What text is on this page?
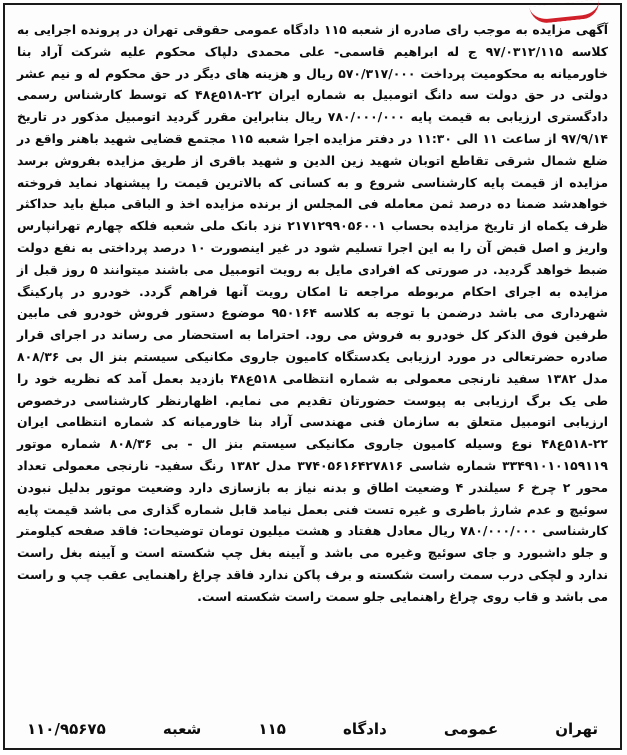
آگهی مزایده به موجب رای صادره از شعبه ۱۱۵ دادگاه عمومی حقوقی تهران در پرونده اجرایی به کلاسه ۹۷/۰۳۱۲/۱۱۵ ج له ابراهیم قاسمی- علی محمدی دلپاک محکوم علیه شرکت آراد بنا خاورمیانه به محکومیت پرداخت ۵۷۰/۳۱۷/۰۰۰ ریال و هزینه های دیگر در حق محکوم له و نیم عشر دولتی در حق دولت سه دانگ اتومبیل به شماره ایران ۲۲-۵۱۸ع۴۸ که توسط کارشناس رسمی دادگستری ارزیابی به قیمت پایه ۷۸۰/۰۰۰/۰۰۰ ریال بنابراین مقرر گردید اتومبیل مذکور در تاریخ ۹۷/۹/۱۴ از ساعت ۱۱ الی ۱۱:۳۰ در دفتر مزایده اجرا شعبه ۱۱۵ مجتمع قضایی شهید باهنر واقع در ضلع شمال شرقی تقاطع اتوبان شهید زین الدین و شهید باقری از طریق مزایده بفروش برسد مزایده از قیمت پایه کارشناسی شروع و به کسانی که بالاترین قیمت را پیشنهاد نماید فروخته خواهدشد ضمنا ده درصد ثمن معامله فی المجلس از برنده مزایده اخذ و الباقی مبلغ باید حداکثر ظرف یکماه از تاریخ مزایده بحساب ۲۱۷۱۲۹۹۰۵۶۰۰۱ نزد بانک ملی شعبه فلکه چهارم تهرانپارس واریز و اصل قبض آن را به این اجرا تسلیم شود در غیر اینصورت ۱۰ درصد پرداختی به نفع دولت ضبط خواهد گردید. در صورتی که افرادی مایل به رویت اتومبیل می باشند میتوانند ۵ روز قبل از مزایده به اجرای احکام مربوطه مراجعه تا امکان رویت آنها فراهم گردد. خودرو در پارکینگ شهرداری می باشد درضمن با توجه به کلاسه ۹۵۰۱۶۴ موضوع دستور فروش خودرو فی مابین طرفین فوق الذکر کل خودرو به فروش می رود. احتراما به استحضار می رساند در اجرای قرار صادره حضرتعالی در مورد ارزیابی یکدستگاه کامیون جاروی مکانیکی سیستم بنز ال بی ۸۰۸/۳۶ مدل ۱۳۸۲ سفید نارنجی معمولی به شماره انتظامی ۵۱۸ع۴۸ بازدید بعمل آمد که نظریه خود را طی یک برگ ارزیابی به پیوست حضورتان تقدیم می نمایم. اظهارنظر کارشناسی درخصوص ارزیابی اتومبیل متعلق به سازمان فنی مهندسی آراد بنا خاورمیانه کد شماره انتظامی ایران ۲۲-۵۱۸ع۴۸ نوع وسیله کامیون جاروی مکانیکی سیستم بنز ال - بی ۸۰۸/۳۶ شماره موتور ۳۳۴۹۱۰۱۰۱۵۹۱۱۹ شماره شاسی ۳۷۴۰۵۶۱۶۴۲۷۸۱۶ مدل ۱۳۸۲ رنگ سفید- نارنجی معمولی تعداد محور ۲ چرخ ۶ سیلندر ۴ وضعیت اطاق و بدنه نیاز به بازسازی دارد وضعیت موتور بدلیل نبودن سوئیچ و عدم شارژ باطری و غیره تست فنی بعمل نیامد قابل شماره گذاری می باشد قیمت پایه کارشناسی ۷۸۰/۰۰۰/۰۰۰ ریال معادل هفتاد و هشت میلیون تومان توضیحات: فاقد صفحه کیلومتر و جلو داشبورد و جای سوئیچ وغیره می باشد و آیینه بغل چپ شکسته است و آیینه بغل راست ندارد و لچکی درب سمت راست شکسته و برف پاکن ندارد فاقد چراغ راهنمایی عقب چپ و راست می باشد و قاب روی چراغ راهنمایی جلو سمت راست شکسته است.
۱۱۰/۹۵۶۷۵	شعبه	۱۱۵	دادگاه	عمومی	تهران
